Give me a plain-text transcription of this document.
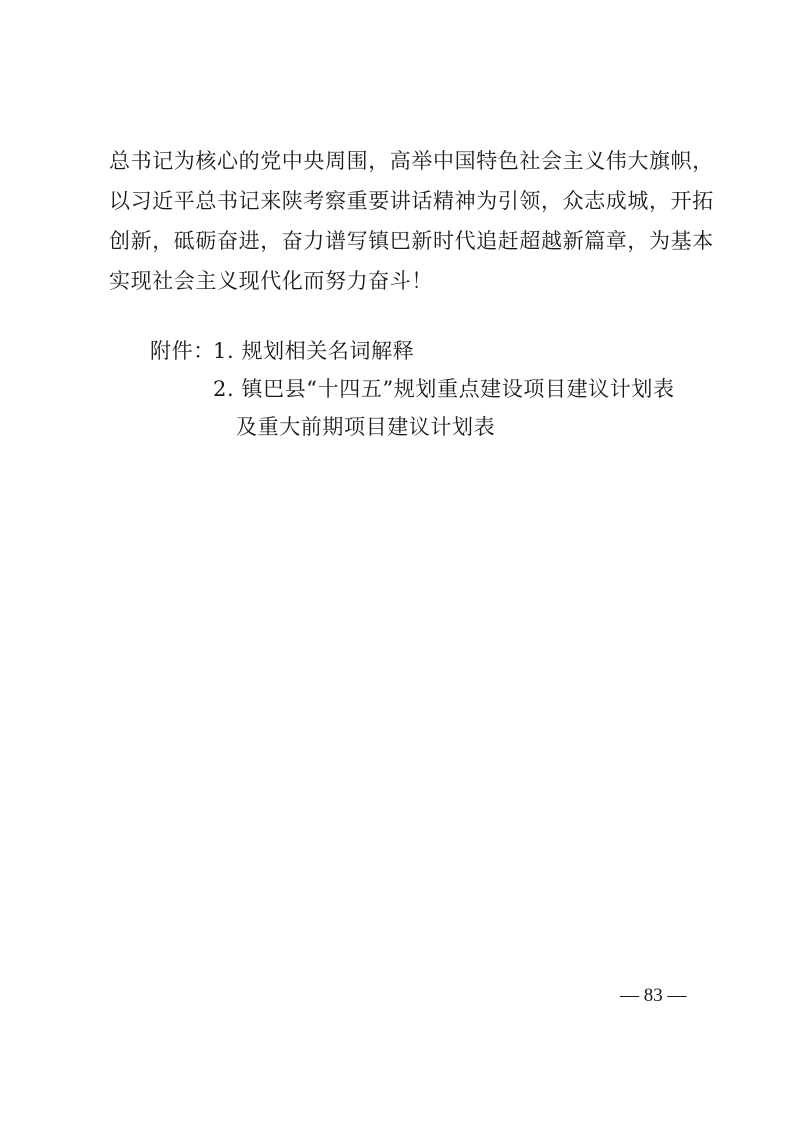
总书记为核心的党中央周围，高举中国特色社会主义伟大旗帜，
以习近平总书记来陕考察重要讲话精神为引领，众志成城，开拓
创新，砥砺奋进，奋力谱写镇巴新时代追赶超越新篇章，为基本
实现社会主义现代化而努力奋斗！
附件：
1. 规划相关名词解释
2. 镇巴县“十四五”规划重点建设项目建议计划表
及重大前期项目建议计划表
— 83 —
